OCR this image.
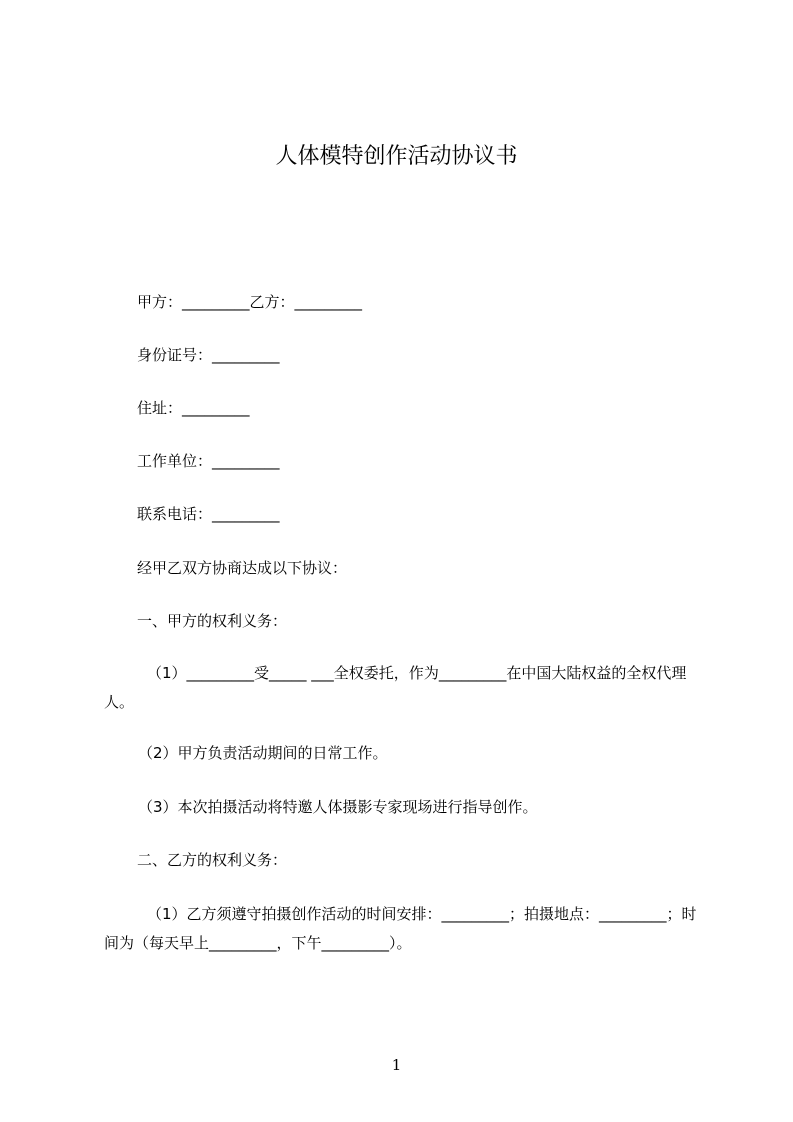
人体模特创作活动协议书
甲方：_________乙方：_________
身份证号：_________
住址：_________
工作单位：_________
联系电话：_________
经甲乙双方协商达成以下协议：
一、甲方的权利义务：
（1）_________受_____ ___全权委托，作为_________在中国大陆权益的全权代理人。
（2）甲方负责活动期间的日常工作。
（3）本次拍摄活动将特邀人体摄影专家现场进行指导创作。
二、乙方的权利义务：
（1）乙方须遵守拍摄创作活动的时间安排：_________；拍摄地点：_________；时间为（每天早上_________，下午_________）。
1
